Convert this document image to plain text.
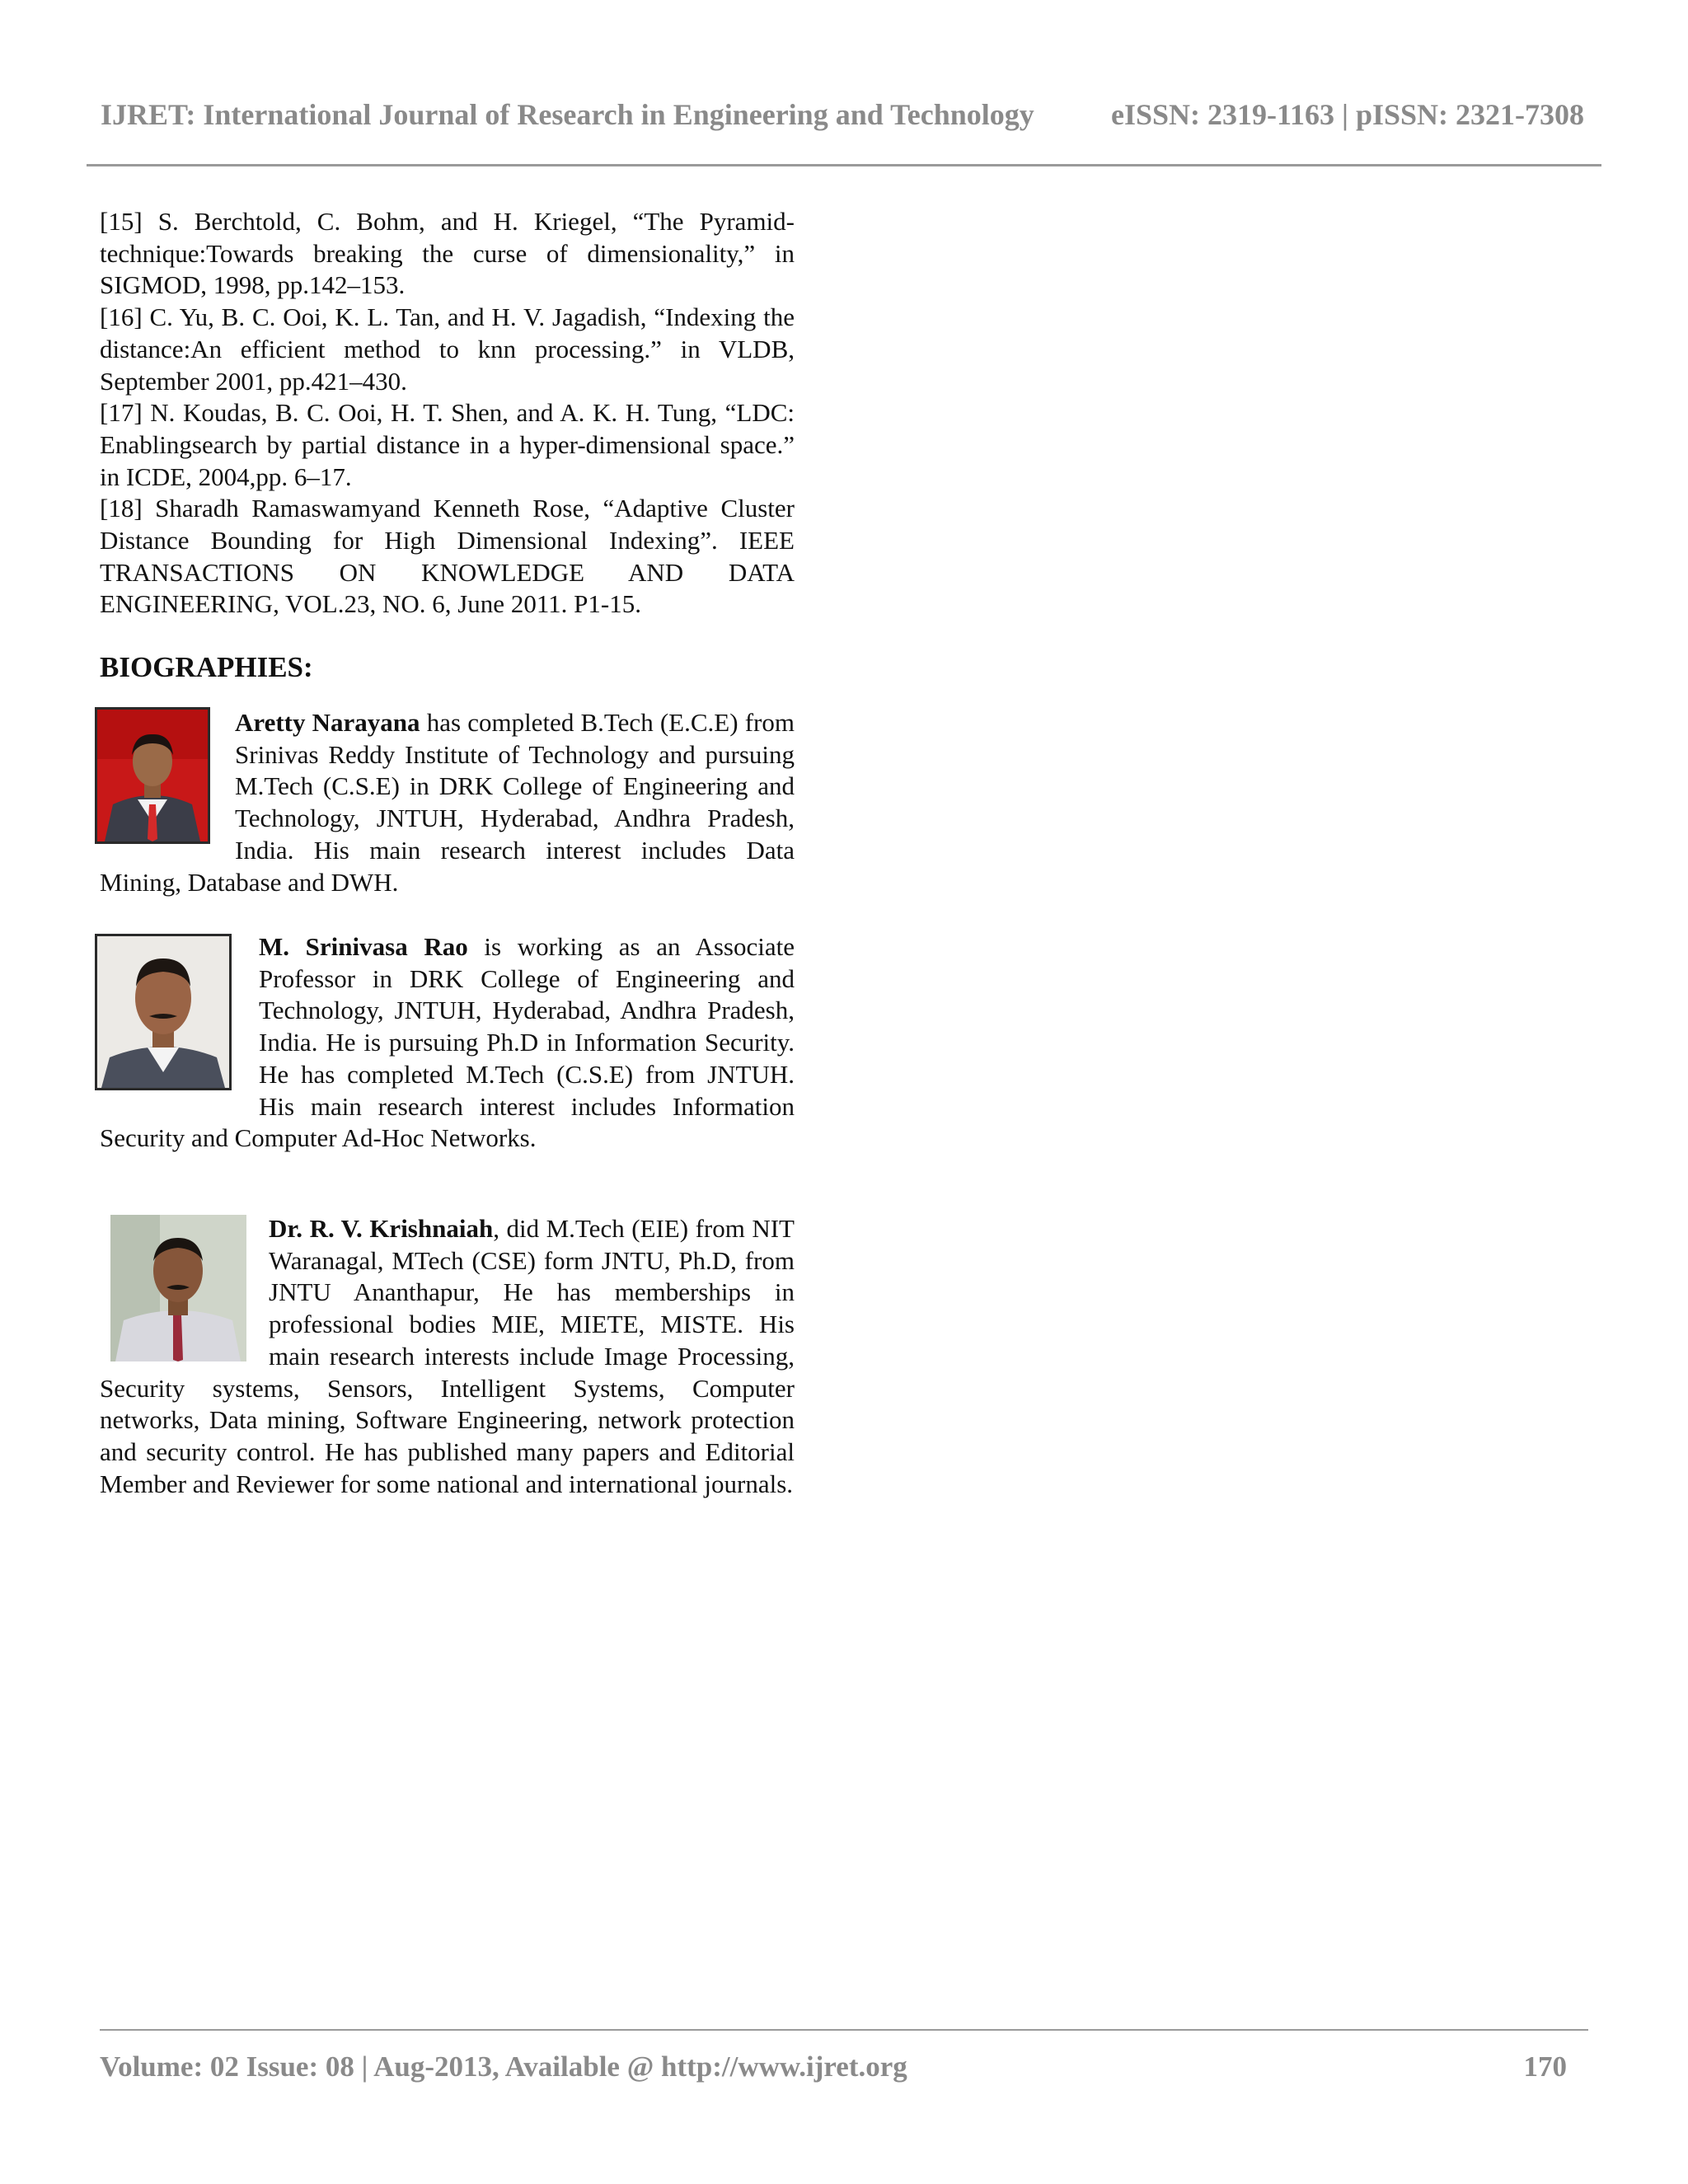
IJRET: International Journal of Research in Engineering and Technology	eISSN: 2319-1163 | pISSN: 2321-7308

[15] S. Berchtold, C. Bohm, and H. Kriegel, “The Pyramid-technique:Towards breaking the curse of dimensionality,” in SIGMOD, 1998, pp.142–153.

[16] C. Yu, B. C. Ooi, K. L. Tan, and H. V. Jagadish, “Indexing the distance:An efficient method to knn processing.” in VLDB, September 2001, pp.421–430.

[17] N. Koudas, B. C. Ooi, H. T. Shen, and A. K. H. Tung, “LDC: Enablingsearch by partial distance in a hyper-dimensional space.” in ICDE, 2004,pp. 6–17.

[18] Sharadh Ramaswamyand Kenneth Rose, “Adaptive Cluster Distance Bounding for High Dimensional Indexing”. IEEE TRANSACTIONS ON KNOWLEDGE AND DATA ENGINEERING, VOL.23, NO. 6, June 2011. P1-15.

BIOGRAPHIES:

Aretty Narayana has completed B.Tech (E.C.E) from Srinivas Reddy Institute of Technology and pursuing M.Tech (C.S.E) in DRK College of Engineering and Technology, JNTUH, Hyderabad, Andhra Pradesh, India. His main research interest includes Data Mining, Database and DWH.

M. Srinivasa Rao is working as an Associate Professor in DRK College of Engineering and Technology, JNTUH, Hyderabad, Andhra Pradesh, India. He is pursuing Ph.D in Information Security. He has completed M.Tech (C.S.E) from JNTUH. His main research interest includes Information Security and Computer Ad-Hoc Networks.

Dr. R. V. Krishnaiah, did M.Tech (EIE) from NIT Waranagal, MTech (CSE) form JNTU, Ph.D, from JNTU Ananthapur, He has memberships in professional bodies MIE, MIETE, MISTE. His main research interests include Image Processing, Security systems, Sensors, Intelligent Systems, Computer networks, Data mining, Software Engineering, network protection and security control. He has published many papers and Editorial Member and Reviewer for some national and international journals.

Volume: 02 Issue: 08 | Aug-2013, Available @ http://www.ijret.org	170
